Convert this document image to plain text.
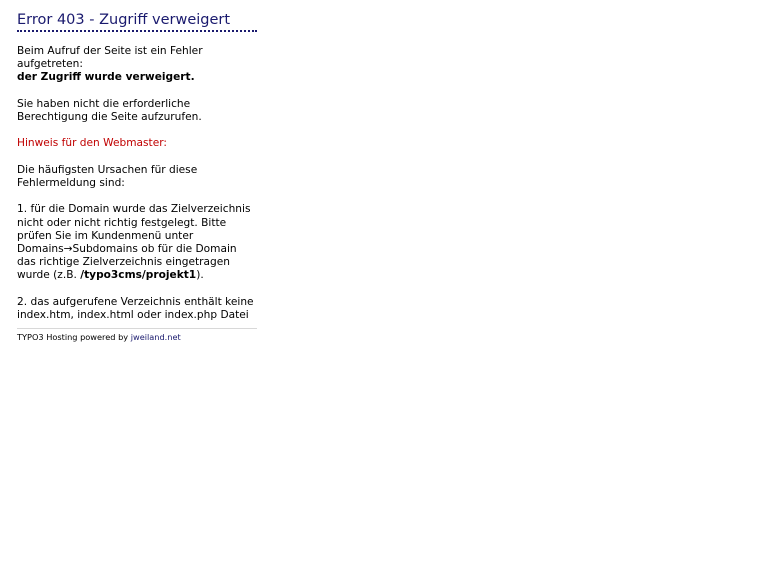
Error 403 - Zugriff verweigert

Beim Aufruf der Seite ist ein Fehler aufgetreten:
der Zugriff wurde verweigert.

Sie haben nicht die erforderliche Berechtigung die Seite aufzurufen.

Hinweis für den Webmaster:

Die häufigsten Ursachen für diese Fehlermeldung sind:

1. für die Domain wurde das Zielverzeichnis nicht oder nicht richtig festgelegt. Bitte prüfen Sie im Kundenmenü unter Domains→Subdomains ob für die Domain das richtige Zielverzeichnis eingetragen wurde (z.B. /typo3cms/projekt1).

2. das aufgerufene Verzeichnis enthält keine index.htm, index.html oder index.php Datei

TYPO3 Hosting powered by jweiland.net
